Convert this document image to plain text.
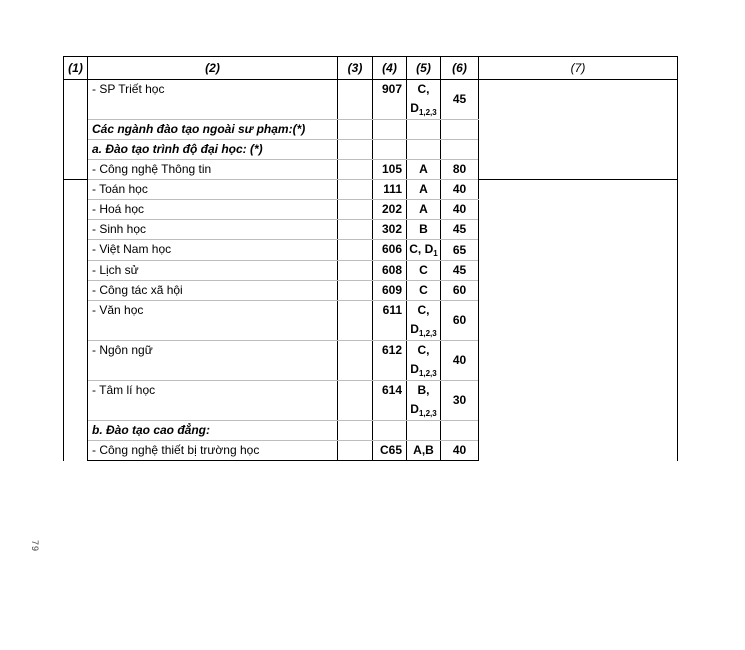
(1)	(2)	(3)	(4)	(5)	(6)	(7)
	- SP Triết học		907	C,
$D_{1,2,3}$	45	
	Các ngành đào tạo ngoài sư phạm:(*)					
	a. Đào tạo trình độ đại học: (*)					
	- Công nghệ Thông tin		105	A	80	
	- Toán học		111	A	40	
	- Hoá học		202	A	40	
	- Sinh học		302	B	45	
	- Việt Nam học		606	C, $D_1$	65	
	- Lịch sử		608	C	45	
	- Công tác xã hội		609	C	60	
	- Văn học		611	C,
$D_{1,2,3}$	60	
	- Ngôn ngữ		612	C,
$D_{1,2,3}$	40	
	- Tâm lí học		614	B,
$D_{1,2,3}$	30	
	b. Đào tạo cao đẳng:					
	- Công nghệ thiết bị trường học		C65	A,B	40	
79
